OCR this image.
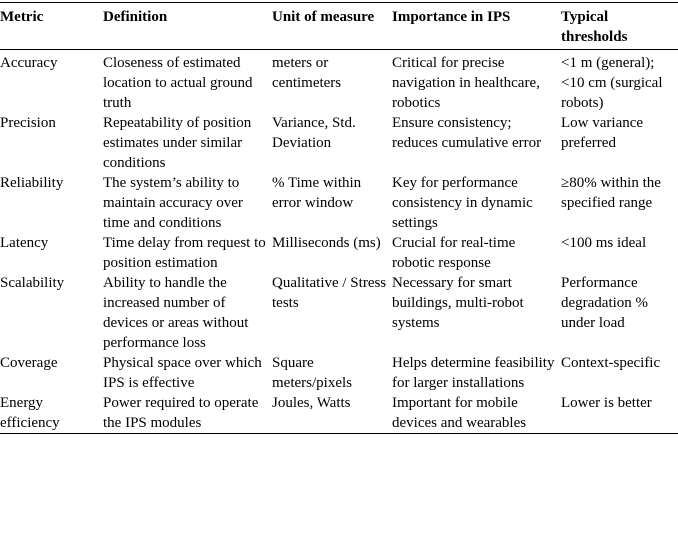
Metric	Definition	Unit of measure	Importance in IPS	Typical thresholds
Accuracy	Closeness of estimated location to actual ground truth	meters or centimeters	Critical for precise navigation in healthcare, robotics	<1 m (general); <10 cm (surgical robots)
Precision	Repeatability of position estimates under similar conditions	Variance, Std. Deviation	Ensure consistency; reduces cumulative error	Low variance preferred
Reliability	The system’s ability to maintain accuracy over time and conditions	% Time within error window	Key for performance consistency in dynamic settings	≥80% within the specified range
Latency	Time delay from request to position estimation	Milliseconds (ms)	Crucial for real-time robotic response	<100 ms ideal
Scalability	Ability to handle the increased number of devices or areas without performance loss	Qualitative / Stress tests	Necessary for smart buildings, multi-robot systems	Performance degradation % under load
Coverage	Physical space over which IPS is effective	Square meters/pixels	Helps determine feasibility for larger installations	Context-specific
Energy efficiency	Power required to operate the IPS modules	Joules, Watts	Important for mobile devices and wearables	Lower is better
